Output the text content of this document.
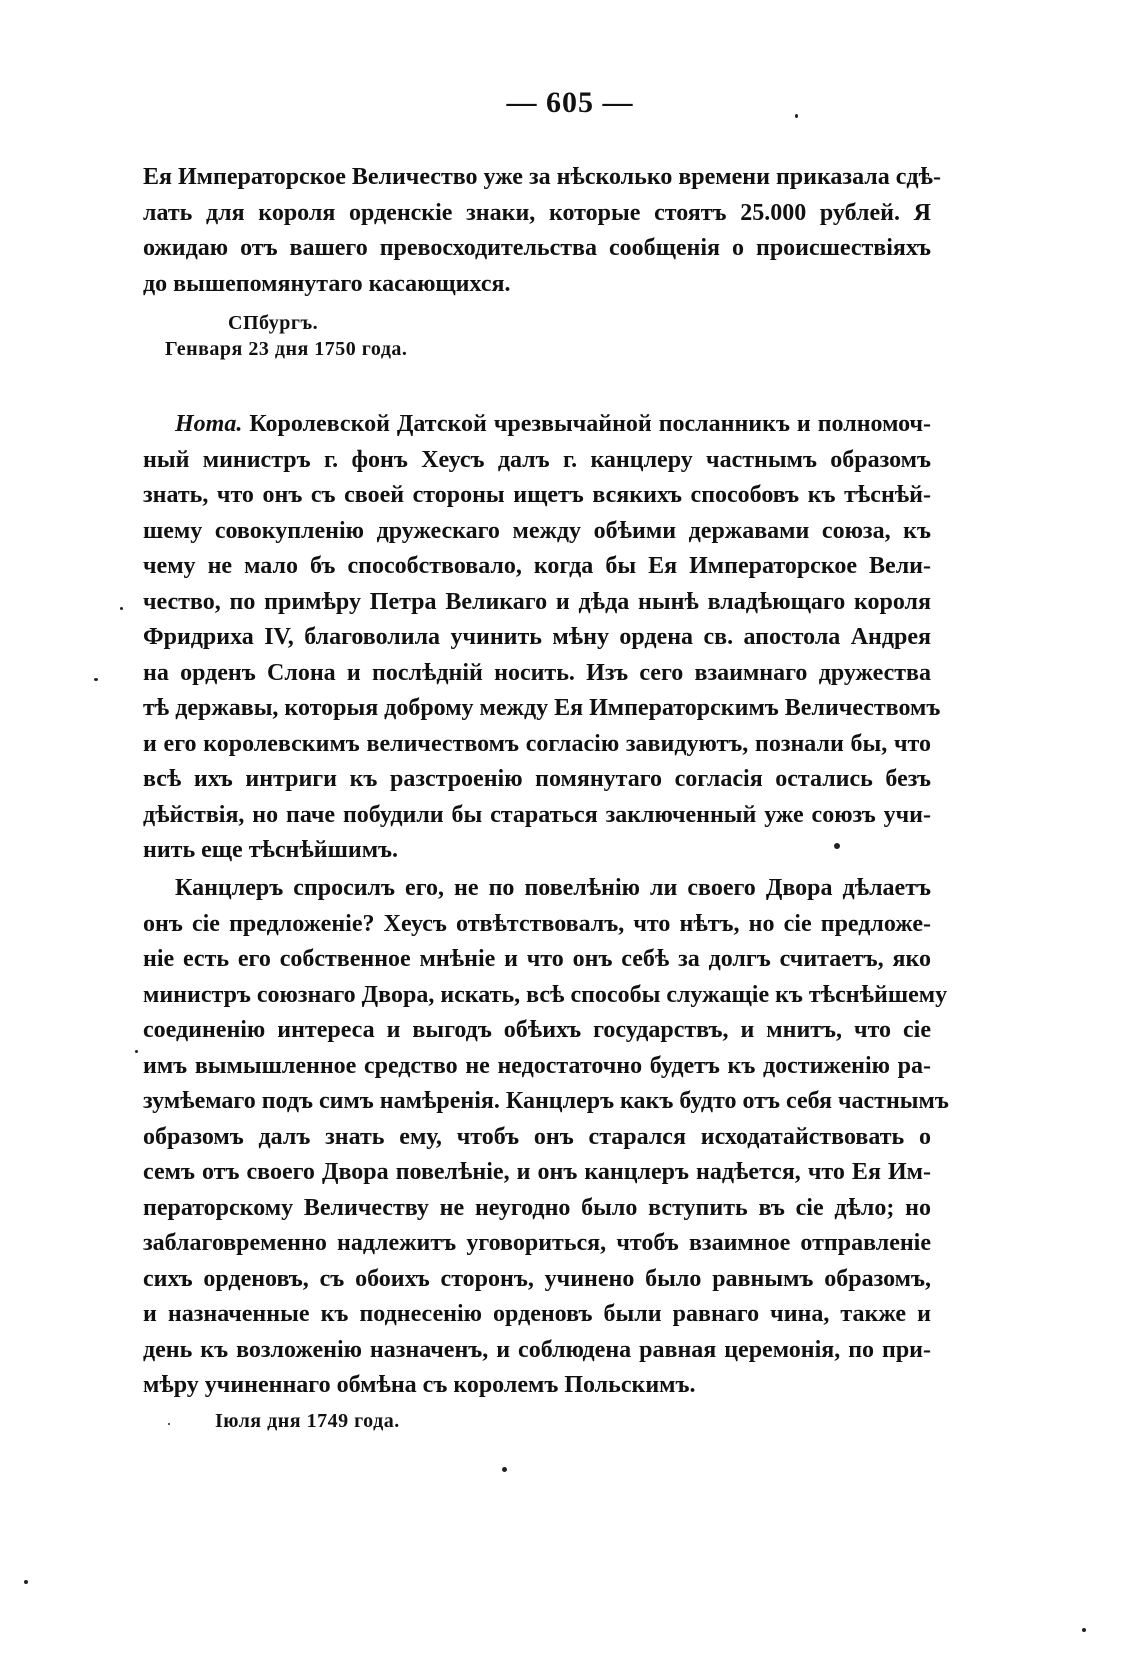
— 605 —
Ея Императорское Величество уже за нѣсколько времени приказала сдѣ-
лать для короля орденскіе знаки, которые стоятъ 25.000 рублей. Я
ожидаю отъ вашего превосходительства сообщенія о происшествіяхъ
до вышепомянутаго касающихся.
СПбургъ.
Генваря 23 дня 1750 года.
Нота. Королевской Датской чрезвычайной посланникъ и полномоч-
ный министръ г. фонъ Хеусъ далъ г. канцлеру частнымъ образомъ
знать, что онъ съ своей стороны ищетъ всякихъ способовъ къ тѣснѣй-
шему совокупленію дружескаго между обѣими державами союза, къ
чему не мало бъ способствовало, когда бы Ея Императорское Вели-
чество, по примѣру Петра Великаго и дѣда нынѣ владѣющаго короля
Фридриха IV, благоволила учинить мѣну ордена св. апостола Андрея
на орденъ Слона и послѣдній носить. Изъ сего взаимнаго дружества
тѣ державы, которыя доброму между Ея Императорскимъ Величествомъ
и его королевскимъ величествомъ согласію завидуютъ, познали бы, что
всѣ ихъ интриги къ разстроенію помянутаго согласія остались безъ
дѣйствія, но паче побудили бы стараться заключенный уже союзъ учи-
нить еще тѣснѣйшимъ.
Канцлеръ спросилъ его, не по повелѣнію ли своего Двора дѣлаетъ
онъ сіе предложеніе? Хеусъ отвѣтствовалъ, что нѣтъ, но сіе предложе-
ніе есть его собственное мнѣніе и что онъ себѣ за долгъ считаетъ, яко
министръ союзнаго Двора, искать, всѣ способы служащіе къ тѣснѣйшему
соединенію интереса и выгодъ обѣихъ государствъ, и мнитъ, что сіе
имъ вымышленное средство не недостаточно будетъ къ достиженію ра-
зумѣемаго подъ симъ намѣренія. Канцлеръ какъ будто отъ себя частнымъ
образомъ далъ знать ему, чтобъ онъ старался исходатайствовать о
семъ отъ своего Двора повелѣніе, и онъ канцлеръ надѣется, что Ея Им-
ператорскому Величеству не неугодно было вступить въ сіе дѣло; но
заблаговременно надлежитъ уговориться, чтобъ взаимное отправленіе
сихъ орденовъ, съ обоихъ сторонъ, учинено было равнымъ образомъ,
и назначенные къ поднесенію орденовъ были равнаго чина, также и
день къ возложенію назначенъ, и соблюдена равная церемонія, по при-
мѣру учиненнаго обмѣна съ королемъ Польскимъ.
Іюля дня 1749 года.
